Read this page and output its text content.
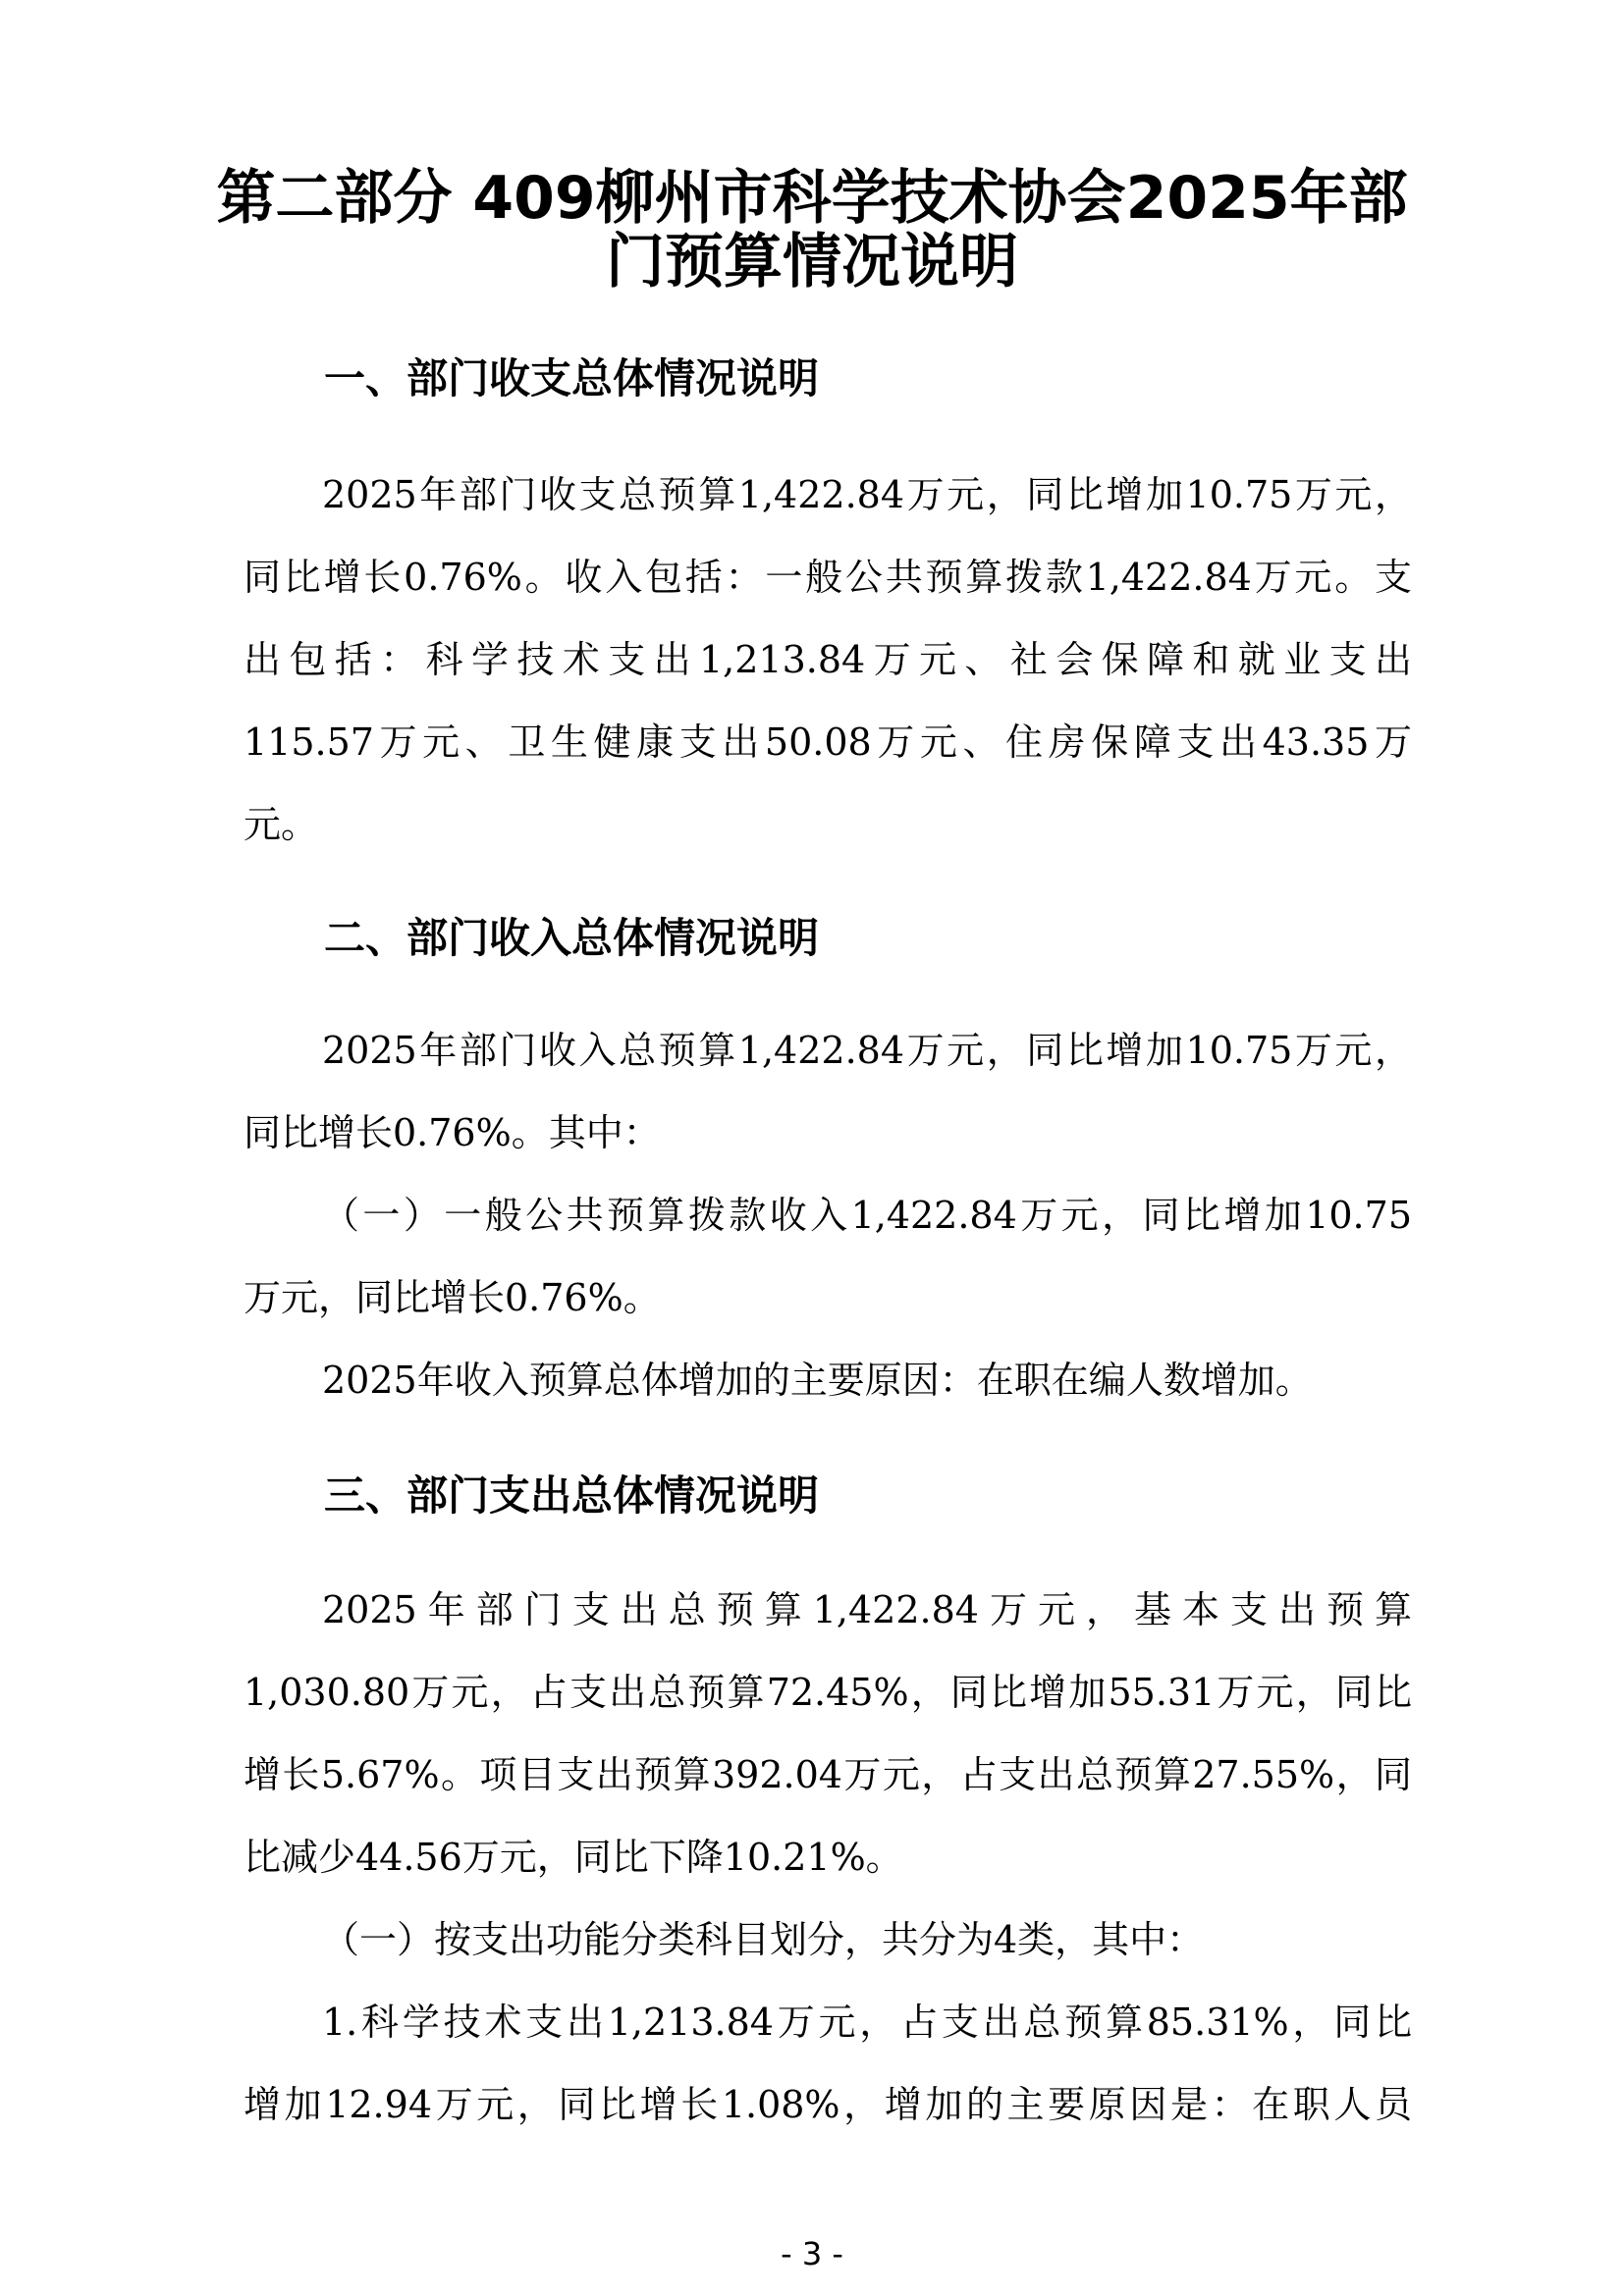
第二部分 409柳州市科学技术协会2025年部
门预算情况说明
一、部门收支总体情况说明

2025年部门收支总预算1,422.84万元，同比增加10.75万元，

同比增长0.76%。收入包括：一般公共预算拨款1,422.84万元。支

出包括：科学技术支出1,213.84万元、社会保障和就业支出

115.57万元、卫生健康支出50.08万元、住房保障支出43.35万

元。

二、部门收入总体情况说明

2025年部门收入总预算1,422.84万元，同比增加10.75万元，

同比增长0.76%。其中：

（一）一般公共预算拨款收入1,422.84万元，同比增加10.75

万元，同比增长0.76%。

2025年收入预算总体增加的主要原因：在职在编人数增加。

三、部门支出总体情况说明

2025年部门支出总预算1,422.84万元，基本支出预算

1,030.80万元，占支出总预算72.45%，同比增加55.31万元，同比

增长5.67%。项目支出预算392.04万元，占支出总预算27.55%，同

比减少44.56万元，同比下降10.21%。

（一）按支出功能分类科目划分，共分为4类，其中：

1.科学技术支出1,213.84万元，占支出总预算85.31%，同比

增加12.94万元，同比增长1.08%，增加的主要原因是：在职人员

- 3 -
